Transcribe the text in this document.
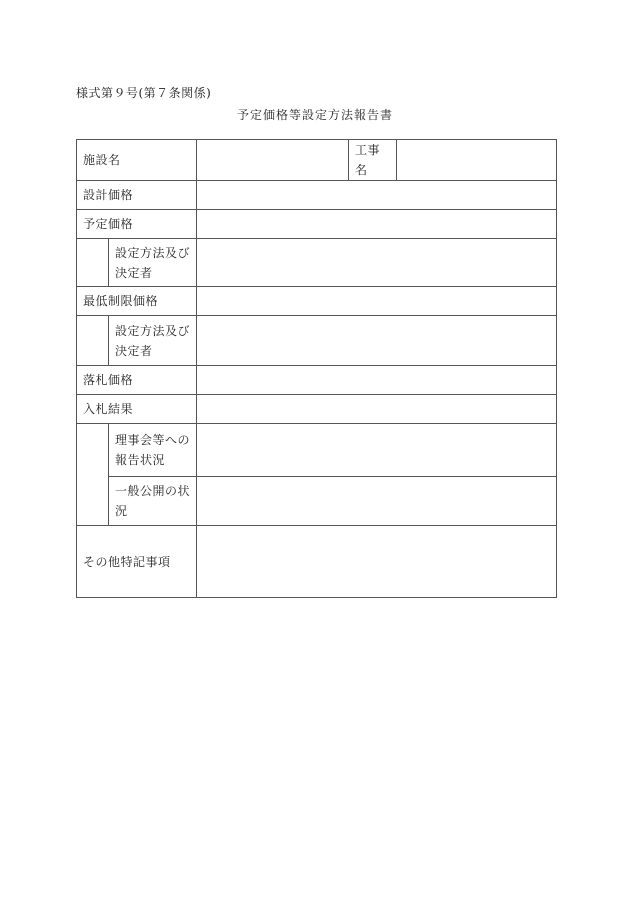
様式第９号(第７条関係)
予定価格等設定方法報告書
施設名			工事名	
設計価格				
予定価格				

	設定方法及び
決定者			

最低制限価格				

	設定方法及び
決定者			

落札価格				
入札結果				

	理事会等への
報告状況			

	一般公開の状
況			

その他特記事項				
